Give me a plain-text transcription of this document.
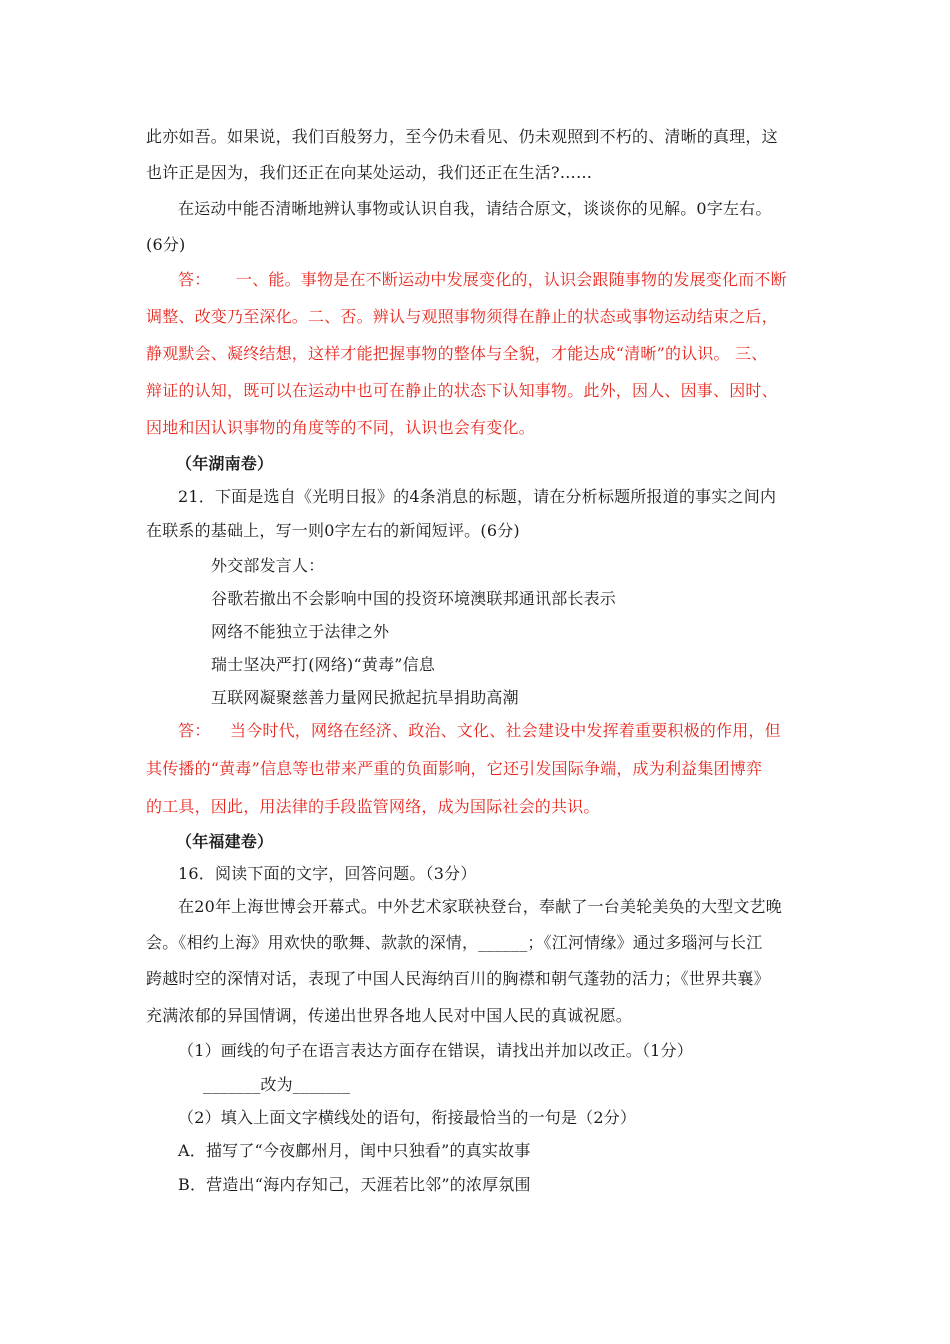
此亦如吾。如果说，我们百般努力，至今仍未看见、仍未观照到不朽的、清晰的真理，这
也许正是因为，我们还正在向某处运动，我们还正在生活?……
在运动中能否清晰地辨认事物或认识自我，请结合原文，谈谈你的见解。0字左右。
(6分)
答： 一、能。事物是在不断运动中发展变化的，认识会跟随事物的发展变化而不断
调整、改变乃至深化。二、否。辨认与观照事物须得在静止的状态或事物运动结束之后，
静观默会、凝终结想，这样才能把握事物的整体与全貌，才能达成“清晰”的认识。 三、
辩证的认知，既可以在运动中也可在静止的状态下认知事物。此外，因人、因事、因时、
因地和因认识事物的角度等的不同，认识也会有变化。
（年湖南卷）
21．下面是选自《光明日报》的4条消息的标题，请在分析标题所报道的事实之间内
在联系的基础上，写一则0字左右的新闻短评。(6分)
外交部发言人：
谷歌若撤出不会影响中国的投资环境澳联邦通讯部长表示
网络不能独立于法律之外
瑞士坚决严打(网络)“黄毒”信息
互联网凝聚慈善力量网民掀起抗旱捐助高潮
答： 当今时代，网络在经济、政治、文化、社会建设中发挥着重要积极的作用，但
其传播的“黄毒”信息等也带来严重的负面影响，它还引发国际争端，成为利益集团博弈
的工具，因此，用法律的手段监管网络，成为国际社会的共识。
（年福建卷）
16．阅读下面的文字，回答问题。（3分）
在20年上海世博会开幕式。中外艺术家联袂登台，奉献了一台美轮美奂的大型文艺晚
会。《相约上海》用欢快的歌舞、款款的深情，______；《江河情缘》通过多瑙河与长江
跨越时空的深情对话，表现了中国人民海纳百川的胸襟和朝气蓬勃的活力；《世界共襄》
充满浓郁的异国情调，传递出世界各地人民对中国人民的真诚祝愿。
（1）画线的句子在语言表达方面存在错误，请找出并加以改正。（1分）
_______改为_______
（2）填入上面文字横线处的语句，衔接最恰当的一句是（2分）
A．描写了“今夜鄜州月，闺中只独看”的真实故事
B．营造出“海内存知己，天涯若比邻”的浓厚氛围
